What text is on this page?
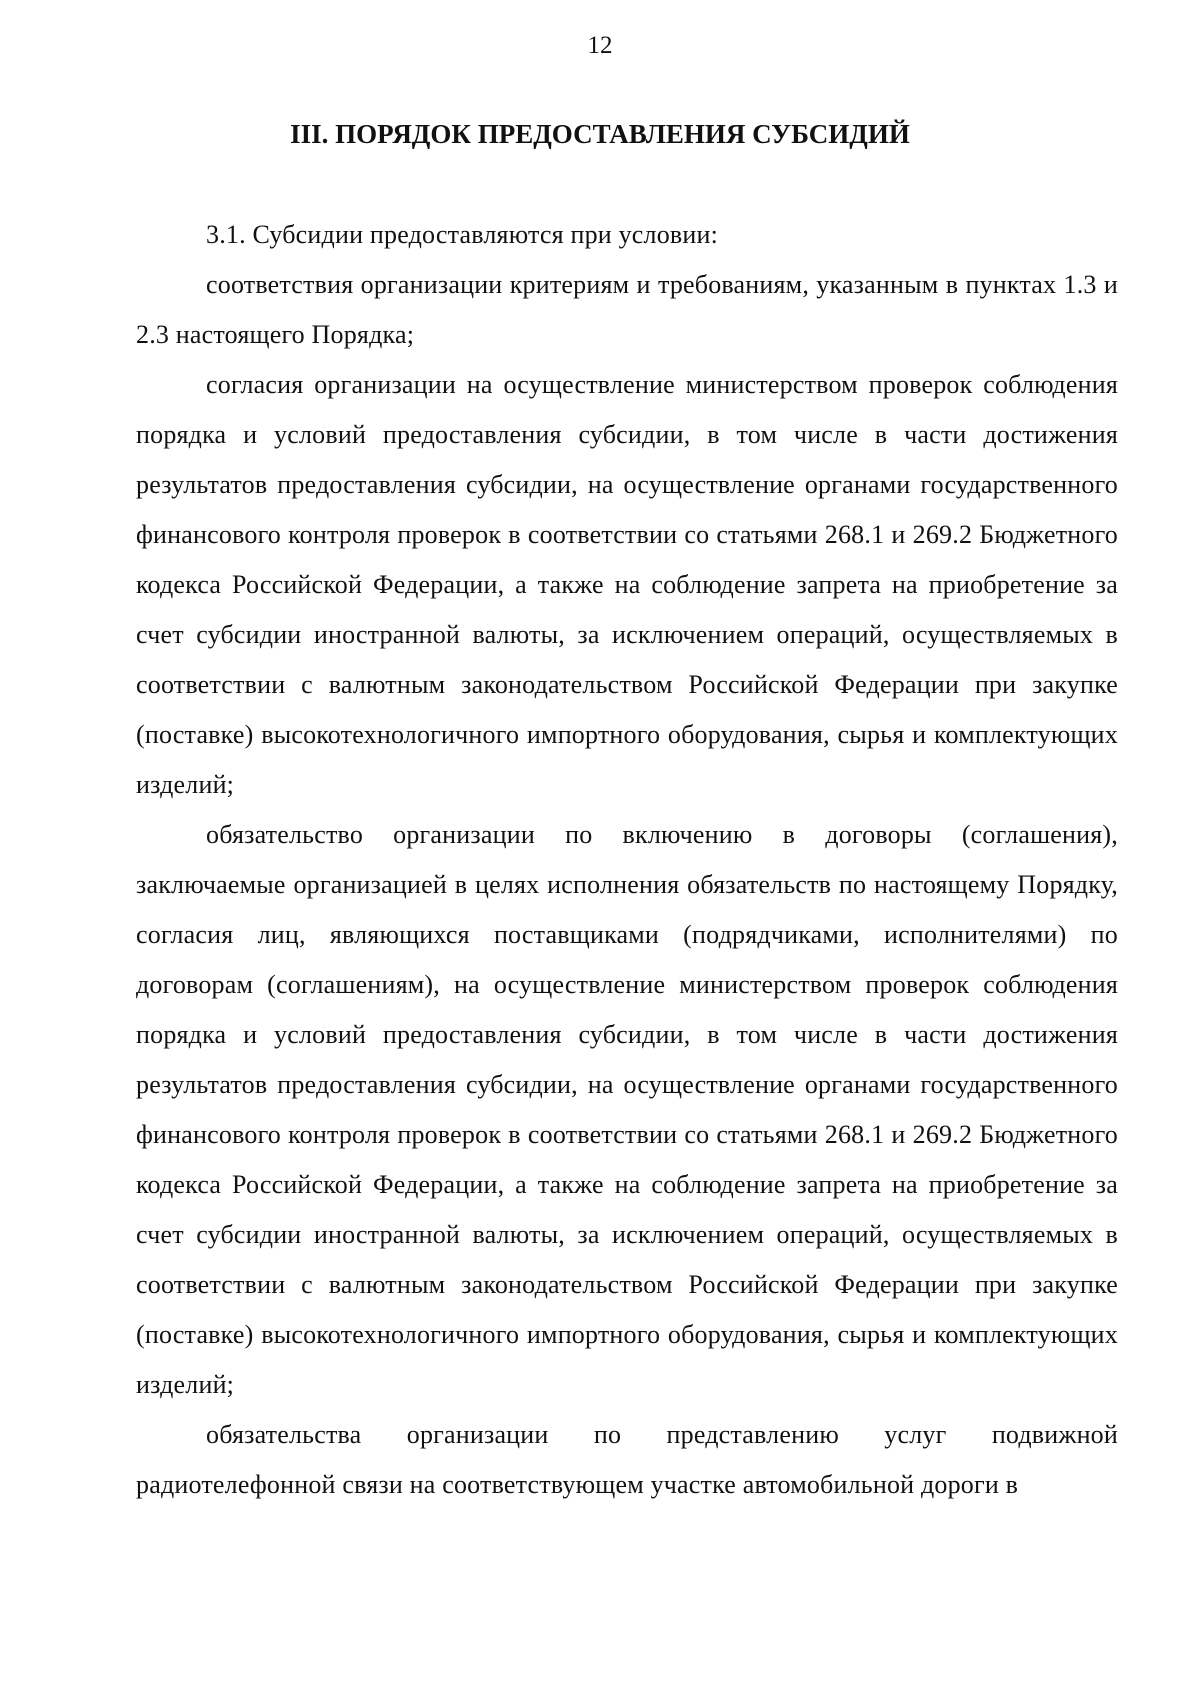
12
III. ПОРЯДОК ПРЕДОСТАВЛЕНИЯ СУБСИДИЙ

3.1. Субсидии предоставляются при условии:

соответствия организации критериям и требованиям, указанным в пунктах 1.3 и 2.3 настоящего Порядка;

согласия организации на осуществление министерством проверок соблюдения порядка и условий предоставления субсидии, в том числе в части достижения результатов предоставления субсидии, на осуществление органами государственного финансового контроля проверок в соответствии со статьями 268.1 и 269.2 Бюджетного кодекса Российской Федерации, а также на соблюдение запрета на приобретение за счет субсидии иностранной валюты, за исключением операций, осуществляемых в соответствии с валютным законодательством Российской Федерации при закупке (поставке) высокотехнологичного импортного оборудования, сырья и комплектующих изделий;

обязательство организации по включению в договоры (соглашения), заключаемые организацией в целях исполнения обязательств по настоящему Порядку, согласия лиц, являющихся поставщиками (подрядчиками, исполнителями) по договорам (соглашениям), на осуществление министерством проверок соблюдения порядка и условий предоставления субсидии, в том числе в части достижения результатов предоставления субсидии, на осуществление органами государственного финансового контроля проверок в соответствии со статьями 268.1 и 269.2 Бюджетного кодекса Российской Федерации, а также на соблюдение запрета на приобретение за счет субсидии иностранной валюты, за исключением операций, осуществляемых в соответствии с валютным законодательством Российской Федерации при закупке (поставке) высокотехнологичного импортного оборудования, сырья и комплектующих изделий;

обязательства организации по представлению услуг подвижной радиотелефонной связи на соответствующем участке автомобильной дороги в
